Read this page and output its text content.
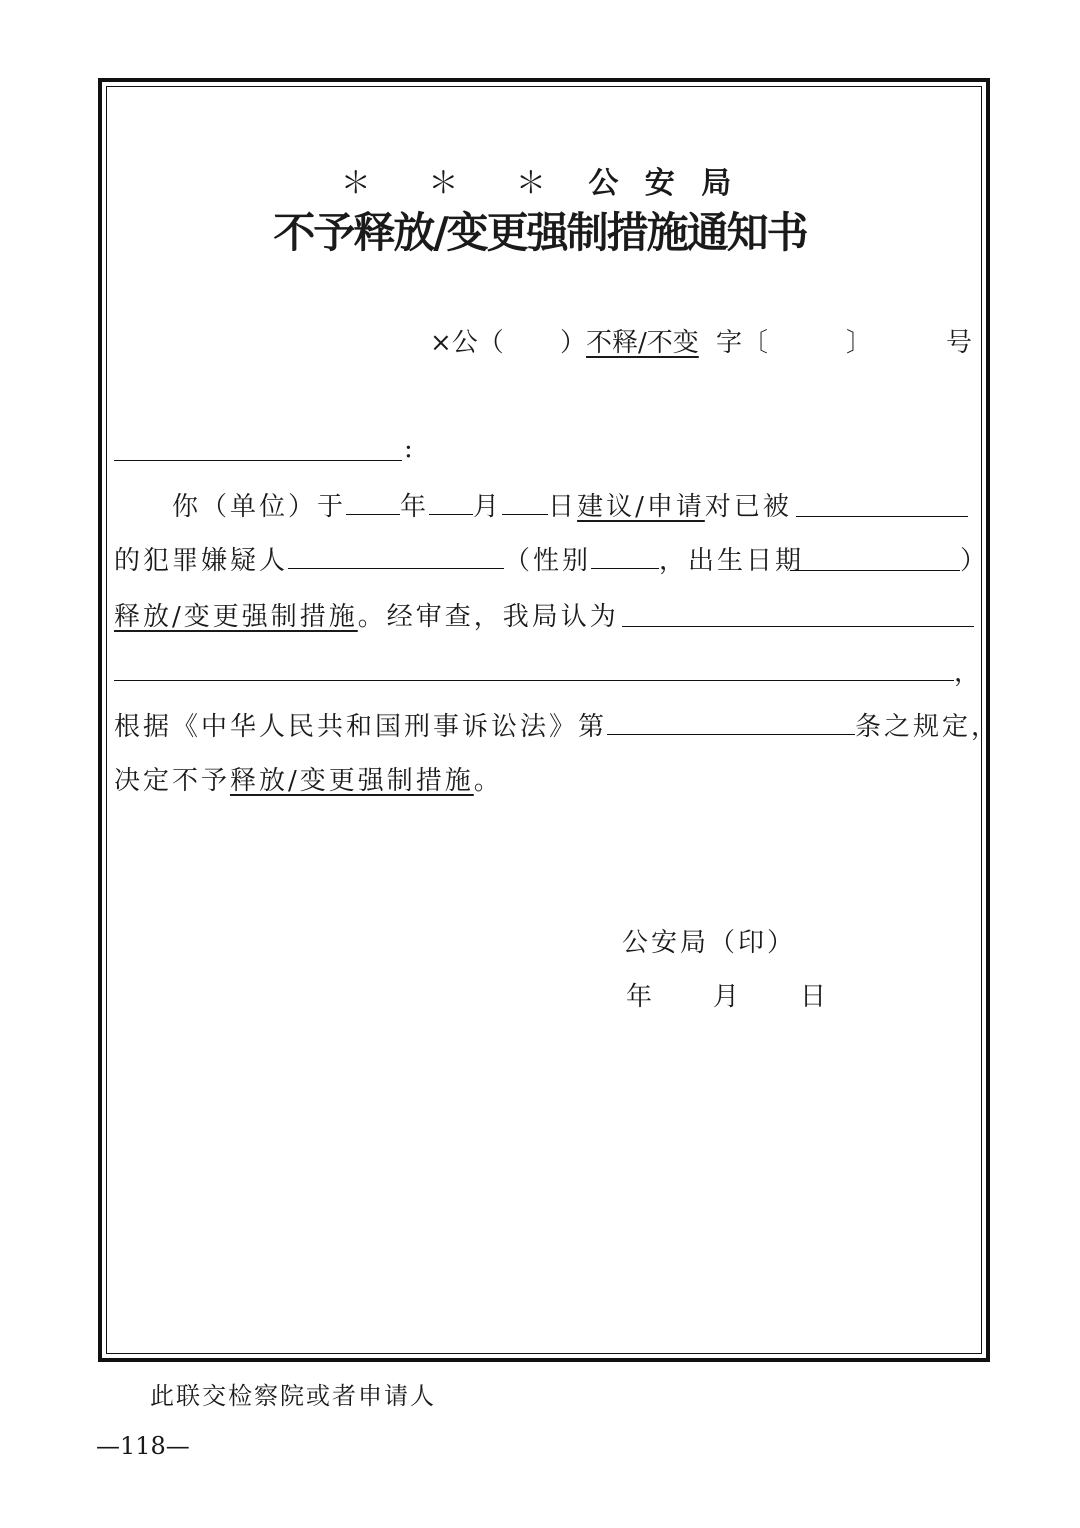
＊ ＊ ＊ 公 安 局
不予释放/变更强制措施通知书
×公（ ） 不释/不变 字〔	〕	号
:
你（单位）于 年 月 日建议/申请对已被
的犯罪嫌疑人	（性别	，出生日期	）
释放/变更强制措施。经审查，我局认为
，
根据《中华人民共和国刑事诉讼法》第	条之规定，
决定不予释放/变更强制措施。
公安局（印）
年　　月　　日
此联交检察院或者申请人
—118—
